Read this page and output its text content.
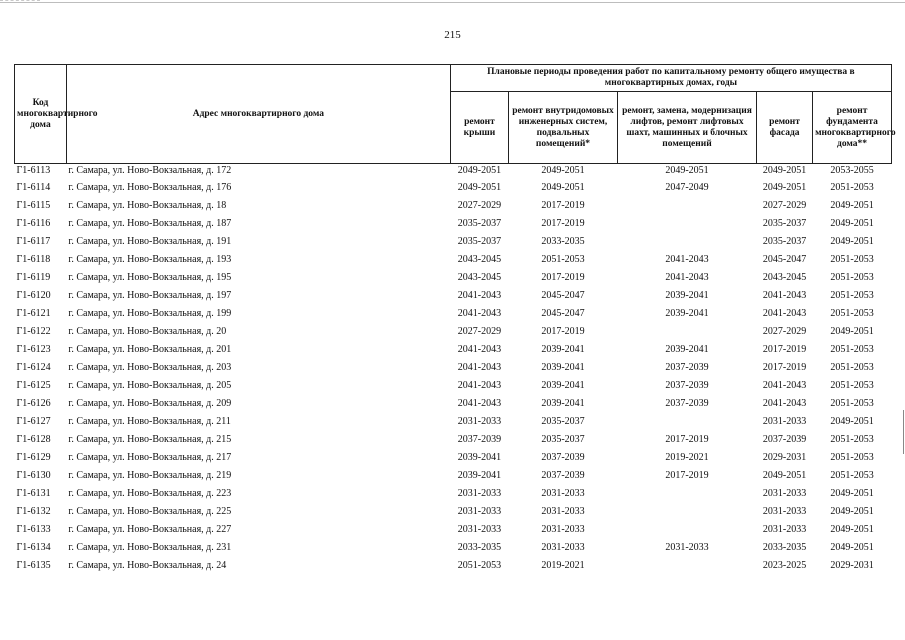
215
Код многоквартирного дома	Адрес многоквартирного дома	Плановые периоды проведения работ по капитальному ремонту общего имущества в многоквартирных домах, годы				
		ремонт крыши	ремонт внутридомовых инженерных систем, подвальных помещений*	ремонт, замена, модернизация лифтов, ремонт лифтовых шахт, машинных и блочных помещений	ремонт фасада	ремонт фундамента многоквартирного дома**
Г1-6113	г. Самара, ул. Ново-Вокзальная, д. 172	2049-2051	2049-2051	2049-2051	2049-2051	2053-2055
Г1-6114	г. Самара, ул. Ново-Вокзальная, д. 176	2049-2051	2049-2051	2047-2049	2049-2051	2051-2053
Г1-6115	г. Самара, ул. Ново-Вокзальная, д. 18	2027-2029	2017-2019		2027-2029	2049-2051
Г1-6116	г. Самара, ул. Ново-Вокзальная, д. 187	2035-2037	2017-2019		2035-2037	2049-2051
Г1-6117	г. Самара, ул. Ново-Вокзальная, д. 191	2035-2037	2033-2035		2035-2037	2049-2051
Г1-6118	г. Самара, ул. Ново-Вокзальная, д. 193	2043-2045	2051-2053	2041-2043	2045-2047	2051-2053
Г1-6119	г. Самара, ул. Ново-Вокзальная, д. 195	2043-2045	2017-2019	2041-2043	2043-2045	2051-2053
Г1-6120	г. Самара, ул. Ново-Вокзальная, д. 197	2041-2043	2045-2047	2039-2041	2041-2043	2051-2053
Г1-6121	г. Самара, ул. Ново-Вокзальная, д. 199	2041-2043	2045-2047	2039-2041	2041-2043	2051-2053
Г1-6122	г. Самара, ул. Ново-Вокзальная, д. 20	2027-2029	2017-2019		2027-2029	2049-2051
Г1-6123	г. Самара, ул. Ново-Вокзальная, д. 201	2041-2043	2039-2041	2039-2041	2017-2019	2051-2053
Г1-6124	г. Самара, ул. Ново-Вокзальная, д. 203	2041-2043	2039-2041	2037-2039	2017-2019	2051-2053
Г1-6125	г. Самара, ул. Ново-Вокзальная, д. 205	2041-2043	2039-2041	2037-2039	2041-2043	2051-2053
Г1-6126	г. Самара, ул. Ново-Вокзальная, д. 209	2041-2043	2039-2041	2037-2039	2041-2043	2051-2053
Г1-6127	г. Самара, ул. Ново-Вокзальная, д. 211	2031-2033	2035-2037		2031-2033	2049-2051
Г1-6128	г. Самара, ул. Ново-Вокзальная, д. 215	2037-2039	2035-2037	2017-2019	2037-2039	2051-2053
Г1-6129	г. Самара, ул. Ново-Вокзальная, д. 217	2039-2041	2037-2039	2019-2021	2029-2031	2051-2053
Г1-6130	г. Самара, ул. Ново-Вокзальная, д. 219	2039-2041	2037-2039	2017-2019	2049-2051	2051-2053
Г1-6131	г. Самара, ул. Ново-Вокзальная, д. 223	2031-2033	2031-2033		2031-2033	2049-2051
Г1-6132	г. Самара, ул. Ново-Вокзальная, д. 225	2031-2033	2031-2033		2031-2033	2049-2051
Г1-6133	г. Самара, ул. Ново-Вокзальная, д. 227	2031-2033	2031-2033		2031-2033	2049-2051
Г1-6134	г. Самара, ул. Ново-Вокзальная, д. 231	2033-2035	2031-2033	2031-2033	2033-2035	2049-2051
Г1-6135	г. Самара, ул. Ново-Вокзальная, д. 24	2051-2053	2019-2021		2023-2025	2029-2031
